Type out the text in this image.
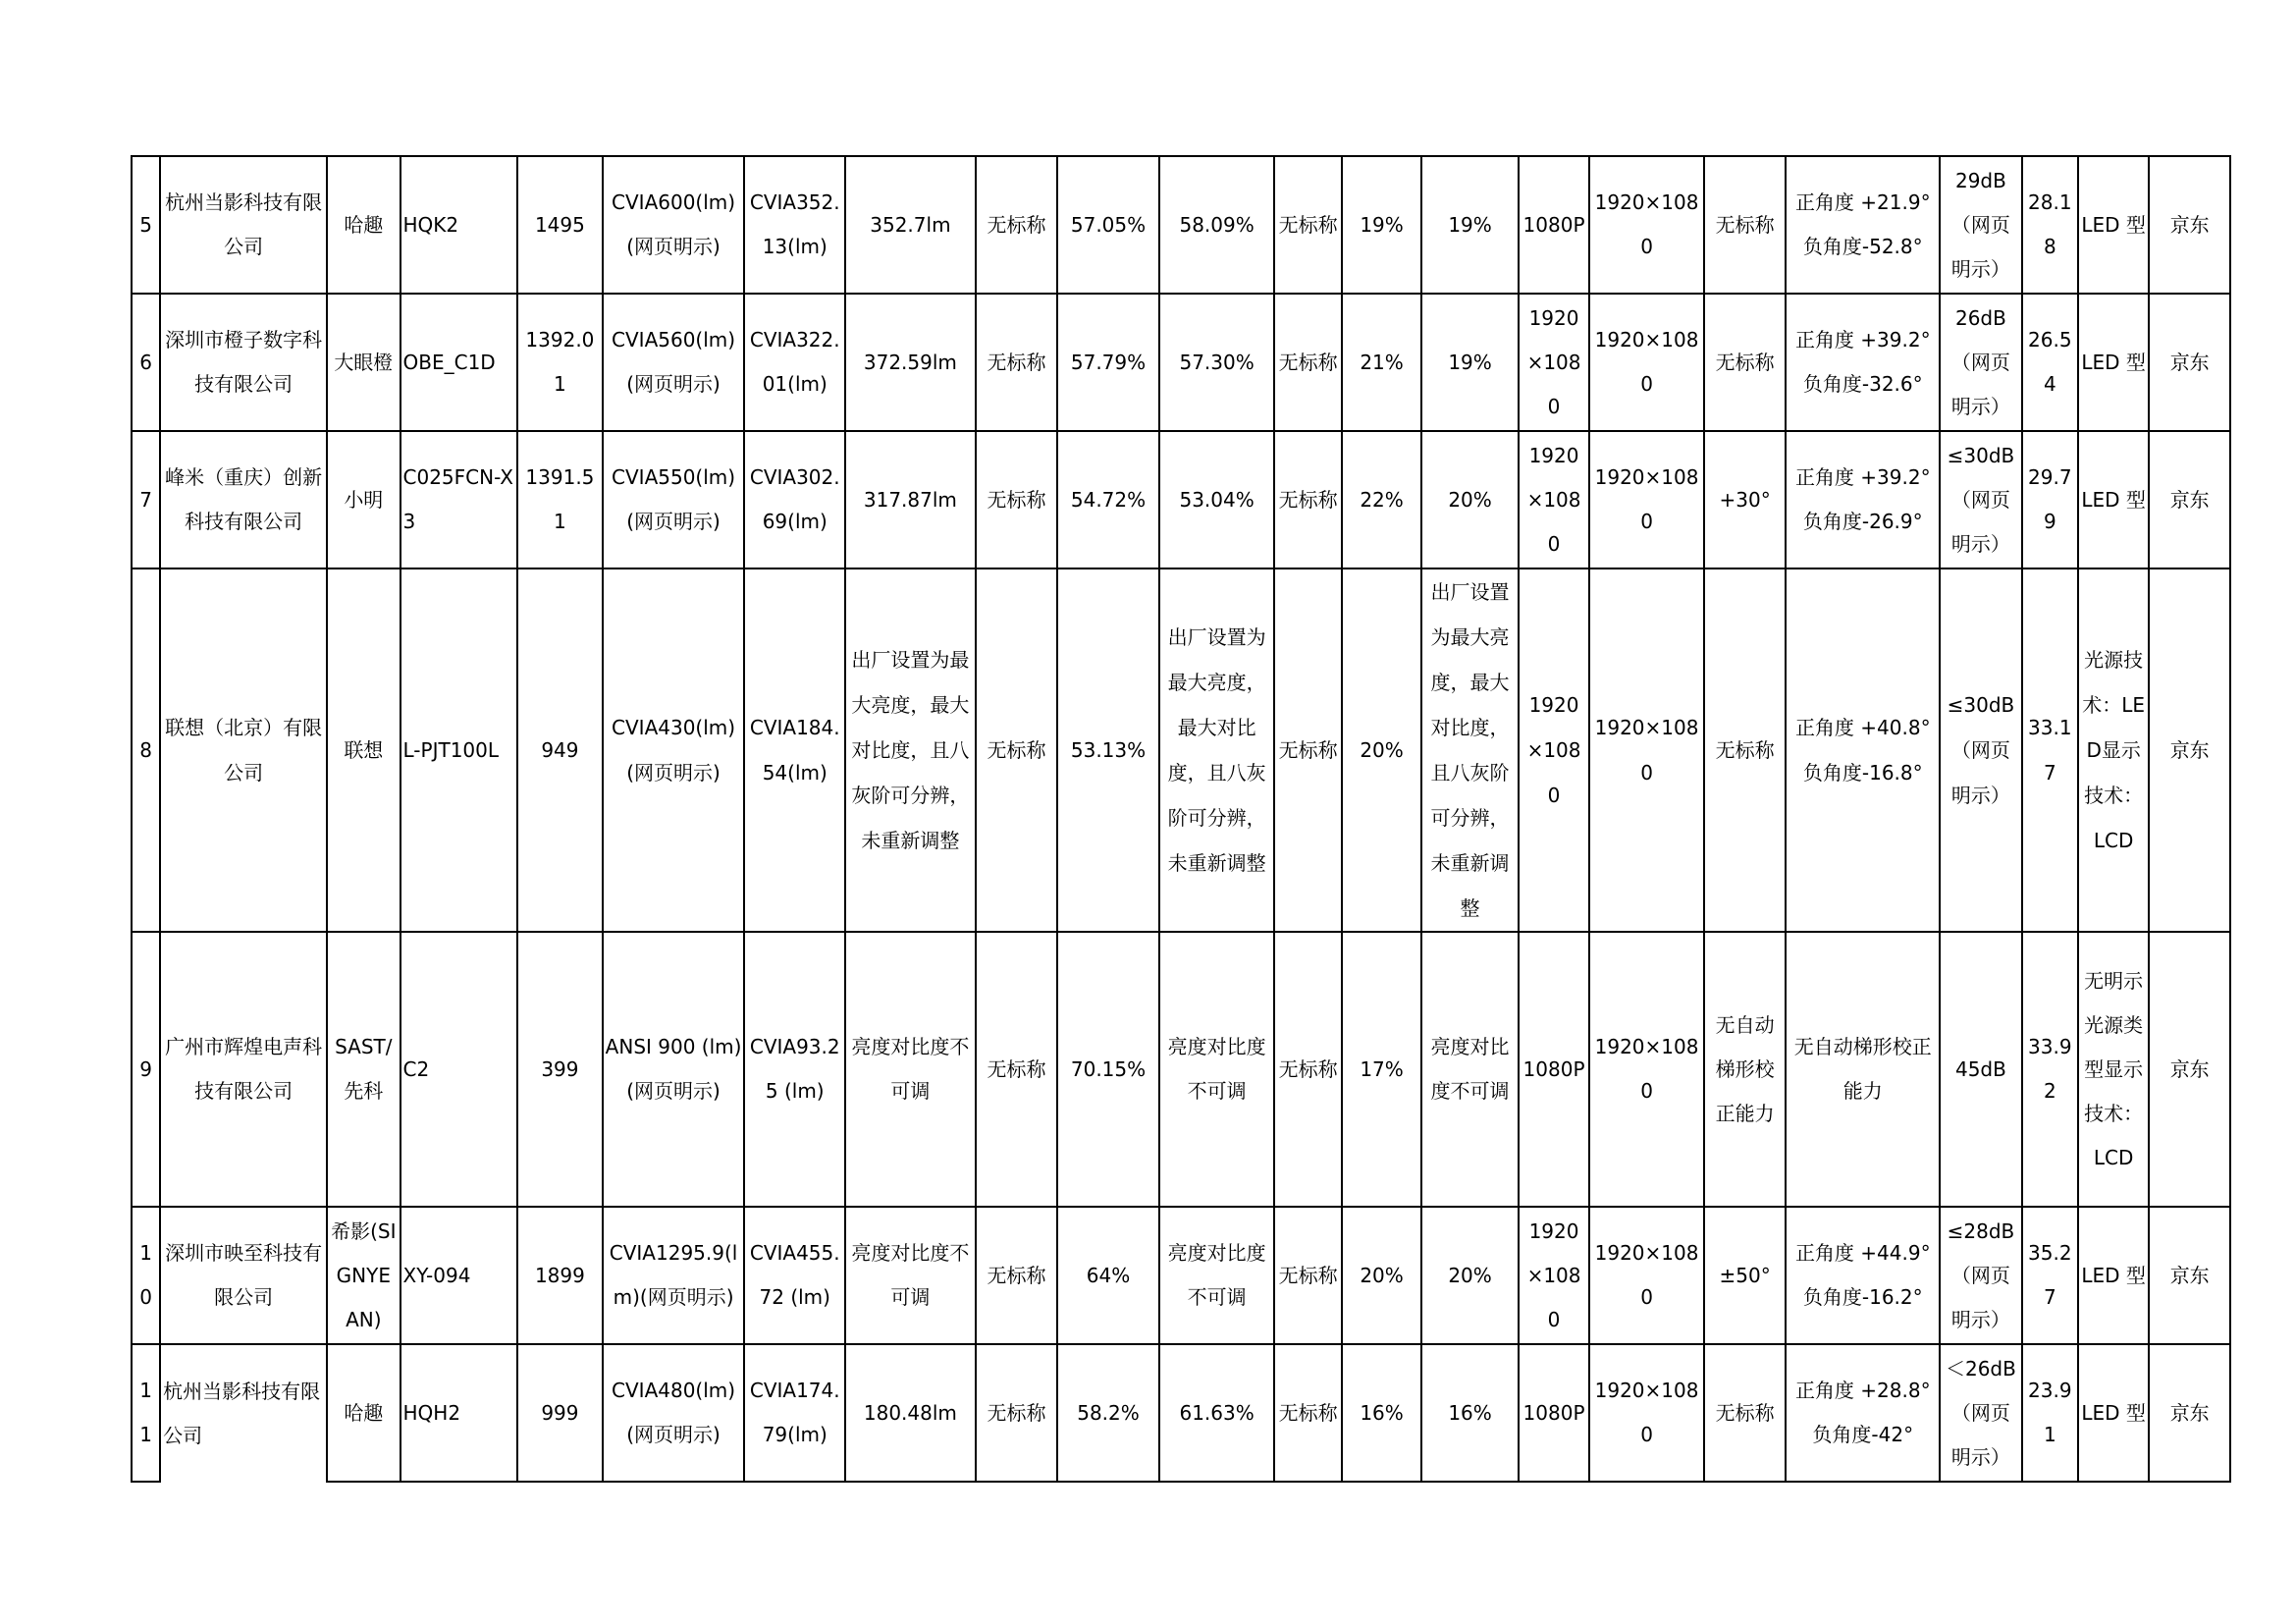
5	杭州当影科技有限公司	哈趣	HQK2	1495	CVIA600(lm)(网页明示)	CVIA352.13(lm)	352.7lm	无标称	57.05%	58.09%	无标称	19%	19%	1080P	1920×1080	无标称	正角度 +21.9°负角度-52.8°	29dB（网页明示）	28.18	LED 型	京东
6	深圳市橙子数字科技有限公司	大眼橙	OBE_C1D	1392.01	CVIA560(lm)(网页明示)	CVIA322.01(lm)	372.59lm	无标称	57.79%	57.30%	无标称	21%	19%	1920×1080	1920×1080	无标称	正角度 +39.2°负角度-32.6°	26dB（网页明示）	26.54	LED 型	京东
7	峰米（重庆）创新科技有限公司	小明	C025FCN-X3	1391.51	CVIA550(lm)(网页明示)	CVIA302.69(lm)	317.87lm	无标称	54.72%	53.04%	无标称	22%	20%	1920×1080	1920×1080	+30°	正角度 +39.2°负角度-26.9°	≤30dB（网页明示）	29.79	LED 型	京东
8	联想（北京）有限公司	联想	L-PJT100L	949	CVIA430(lm)(网页明示)	CVIA184.54(lm)	出厂设置为最大亮度，最大对比度，且八灰阶可分辨，未重新调整	无标称	53.13%	出厂设置为最大亮度，最大对比度，且八灰阶可分辨，未重新调整	无标称	20%	出厂设置为最大亮度，最大对比度，且八灰阶可分辨，未重新调整	1920×1080	1920×1080	无标称	正角度 +40.8°负角度-16.8°	≤30dB（网页明示）	33.17	光源技术：LED显示技术：LCD	京东
9	广州市辉煌电声科技有限公司	SAST/先科	C2	399	ANSI 900 (lm)(网页明示)	CVIA93.25 (lm)	亮度对比度不可调	无标称	70.15%	亮度对比度不可调	无标称	17%	亮度对比度不可调	1080P	1920×1080	无自动梯形校正能力	无自动梯形校正能力	45dB	33.92	无明示光源类型显示技术：LCD	京东
10	深圳市映至科技有限公司	希影(SIGNYEAN)	XY-094	1899	CVIA1295.9(lm)(网页明示)	CVIA455.72 (lm)	亮度对比度不可调	无标称	64%	亮度对比度不可调	无标称	20%	20%	1920×1080	1920×1080	±50°	正角度 +44.9°负角度-16.2°	≤28dB（网页明示）	35.27	LED 型	京东
11	杭州当影科技有限公司	哈趣	HQH2	999	CVIA480(lm)(网页明示)	CVIA174.79(lm)	180.48lm	无标称	58.2%	61.63%	无标称	16%	16%	1080P	1920×1080	无标称	正角度 +28.8°负角度-42°	＜26dB（网页明示）	23.91	LED 型	京东
